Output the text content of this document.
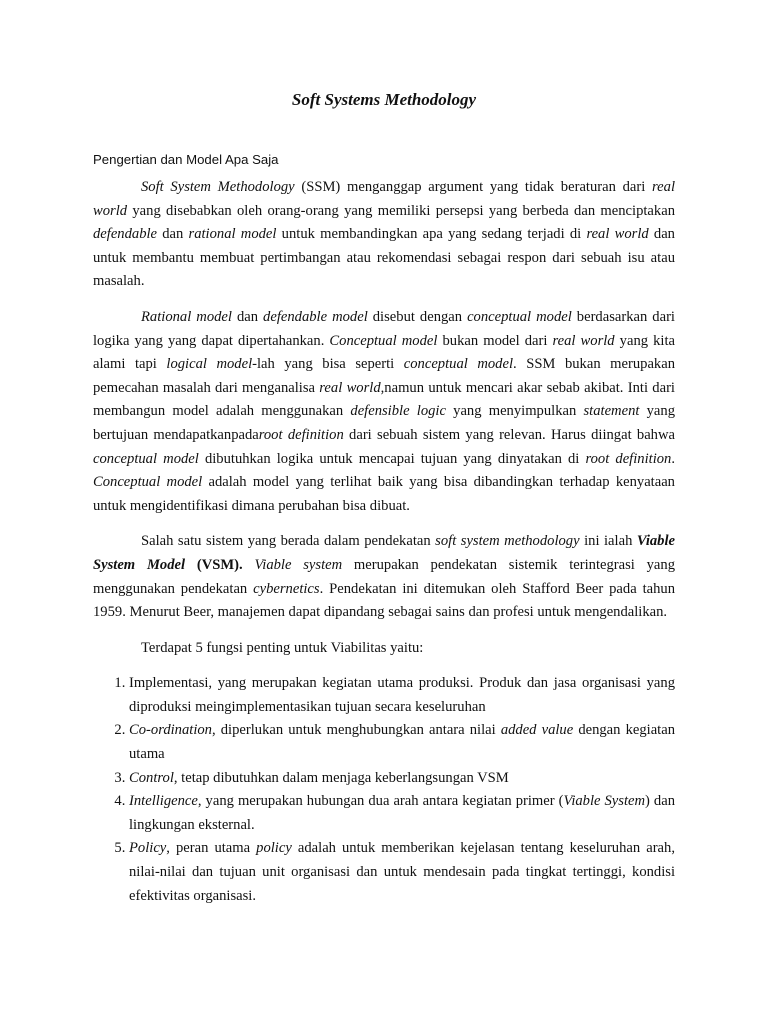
Soft Systems Methodology
Pengertian dan Model Apa Saja

Soft System Methodology (SSM) menganggap argument yang tidak beraturan dari real world yang disebabkan oleh orang-orang yang memiliki persepsi yang berbeda dan menciptakan defendable dan rational model untuk membandingkan apa yang sedang terjadi di real world dan untuk membantu membuat pertimbangan atau rekomendasi sebagai respon dari sebuah isu atau masalah.

Rational model dan defendable model disebut dengan conceptual model berdasarkan dari logika yang yang dapat dipertahankan. Conceptual model bukan model dari real world yang kita alami tapi logical model-lah yang bisa seperti conceptual model. SSM bukan merupakan pemecahan masalah dari menganalisa real world,namun untuk mencari akar sebab akibat. Inti dari membangun model adalah menggunakan defensible logic yang menyimpulkan statement yang bertujuan mendapatkanpadaroot definition dari sebuah sistem yang relevan. Harus diingat bahwa conceptual model dibutuhkan logika untuk mencapai tujuan yang dinyatakan di root definition. Conceptual model adalah model yang terlihat baik yang bisa dibandingkan terhadap kenyataan untuk mengidentifikasi dimana perubahan bisa dibuat.

Salah satu sistem yang berada dalam pendekatan soft system methodology ini ialah Viable System Model (VSM). Viable system merupakan pendekatan sistemik terintegrasi yang menggunakan pendekatan cybernetics. Pendekatan ini ditemukan oleh Stafford Beer pada tahun 1959. Menurut Beer, manajemen dapat dipandang sebagai sains dan profesi untuk mengendalikan.

Terdapat 5 fungsi penting untuk Viabilitas yaitu:

1. Implementasi, yang merupakan kegiatan utama produksi. Produk dan jasa organisasi yang diproduksi meingimplementasikan tujuan secara keseluruhan
2. Co-ordination, diperlukan untuk menghubungkan antara nilai added value dengan kegiatan utama
3. Control, tetap dibutuhkan dalam menjaga keberlangsungan VSM
4. Intelligence, yang merupakan hubungan dua arah antara kegiatan primer (Viable System) dan lingkungan eksternal.
5. Policy, peran utama policy adalah untuk memberikan kejelasan tentang keseluruhan arah, nilai-nilai dan tujuan unit organisasi dan untuk mendesain pada tingkat tertinggi, kondisi efektivitas organisasi.
